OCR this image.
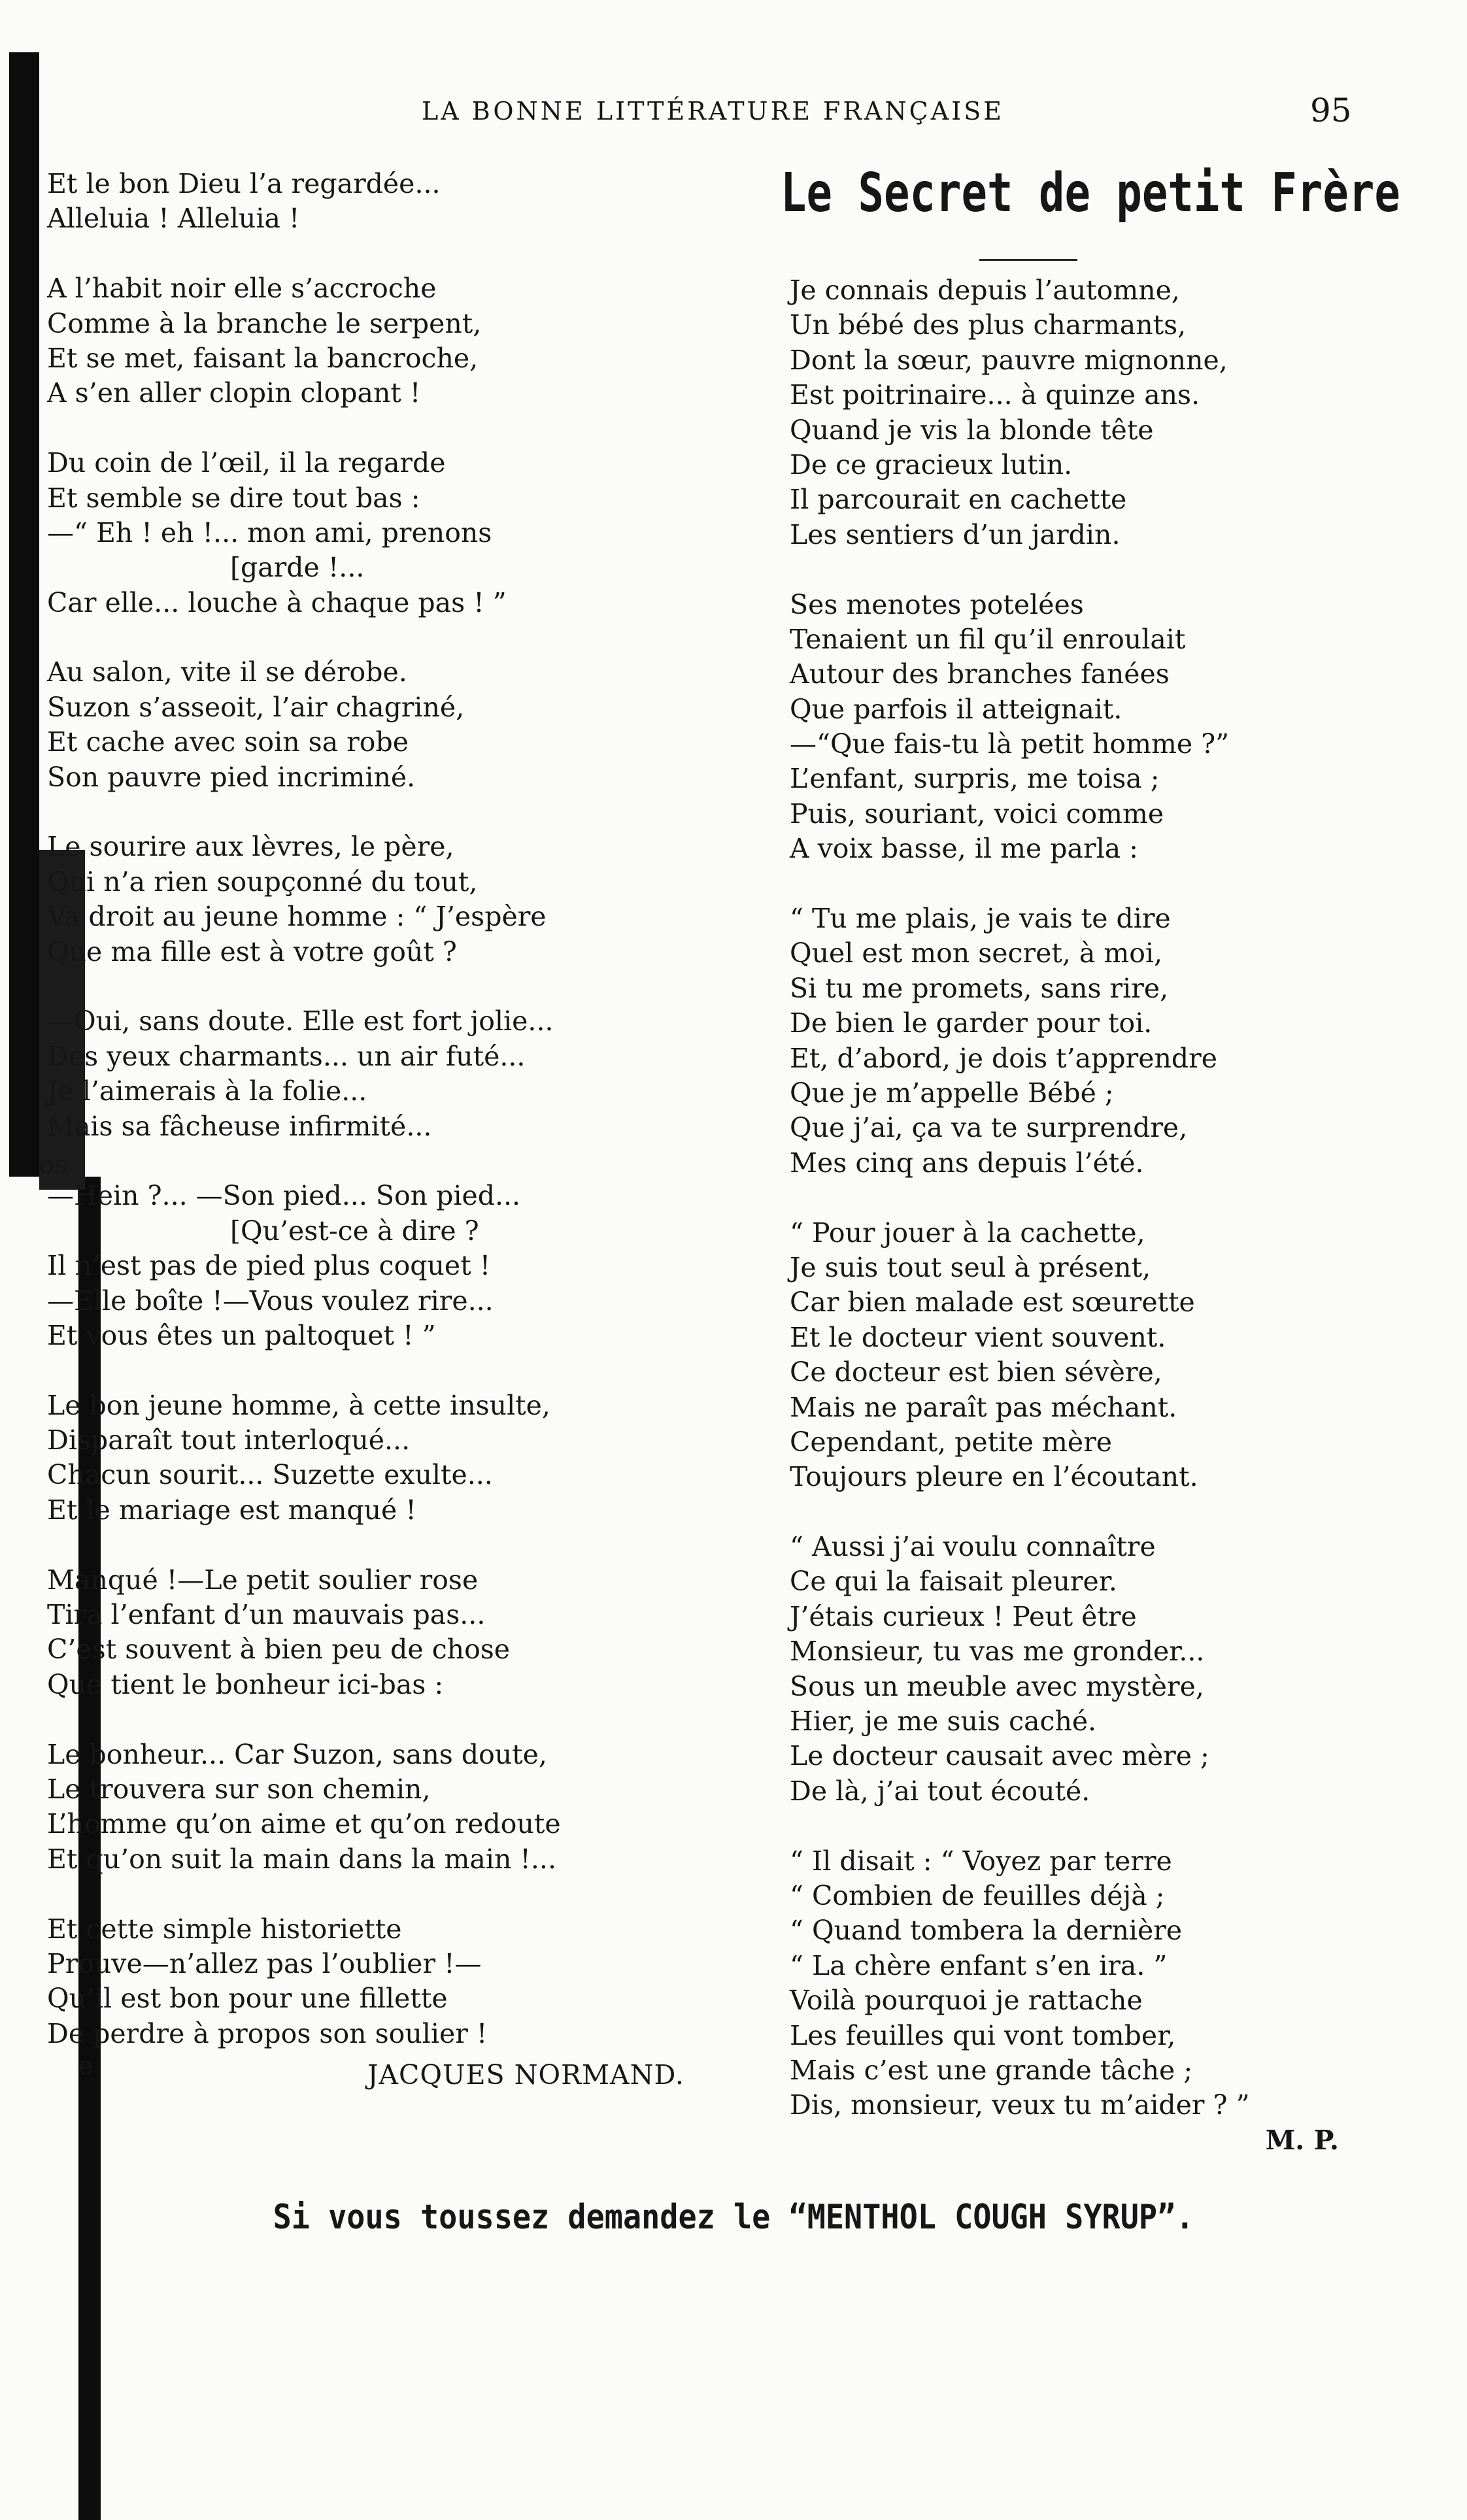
LA BONNE LITTÉRATURE FRANÇAISE	95
Et le bon Dieu l’a regardée...
Alleluia ! Alleluia !
A l’habit noir elle s’accroche
Comme à la branche le serpent,
Et se met, faisant la bancroche,
A s’en aller clopin clopant !
Du coin de l’œil, il la regarde
Et semble se dire tout bas :
—“ Eh ! eh !... mon ami, prenons
[garde !...
Car elle... louche à chaque pas ! ”
Au salon, vite il se dérobe.
Suzon s’asseoit, l’air chagriné,
Et cache avec soin sa robe
Son pauvre pied incriminé.
Le sourire aux lèvres, le père,
Qui n’a rien soupçonné du tout,
Va droit au jeune homme : “ J’espère
Que ma fille est à votre goût ?
—Oui, sans doute. Elle est fort jolie...
Des yeux charmants... un air futé...
Je l’aimerais à la folie...
Mais sa fâcheuse infirmité...
—Hein ?... —Son pied... Son pied...
[Qu’est-ce à dire ?
Il n’est pas de pied plus coquet !
—Elle boîte !—Vous voulez rire...
Et vous êtes un paltoquet ! ”
Le bon jeune homme, à cette insulte,
Disparaît tout interloqué...
Chacun sourit... Suzette exulte...
Et le mariage est manqué !
Manqué !—Le petit soulier rose
Tira l’enfant d’un mauvais pas...
C’est souvent à bien peu de chose
Que tient le bonheur ici-bas :
Le bonheur... Car Suzon, sans doute,
Le trouvera sur son chemin,
L’homme qu’on aime et qu’on redoute
Et qu’on suit la main dans la main !...
Et cette simple historiette
Prouve—n’allez pas l’oublier !—
Qu’il est bon pour une fillette
De perdre à propos son soulier !
JACQUES NORMAND.
Le Secret de petit Frère
Je connais depuis l’automne,
Un bébé des plus charmants,
Dont la sœur, pauvre mignonne,
Est poitrinaire... à quinze ans.
Quand je vis la blonde tête
De ce gracieux lutin.
Il parcourait en cachette
Les sentiers d’un jardin.
Ses menotes potelées
Tenaient un fil qu’il enroulait
Autour des branches fanées
Que parfois il atteignait.
—“Que fais-tu là petit homme ?”
L’enfant, surpris, me toisa ;
Puis, souriant, voici comme
A voix basse, il me parla :
“ Tu me plais, je vais te dire
Quel est mon secret, à moi,
Si tu me promets, sans rire,
De bien le garder pour toi.
Et, d’abord, je dois t’apprendre
Que je m’appelle Bébé ;
Que j’ai, ça va te surprendre,
Mes cinq ans depuis l’été.
“ Pour jouer à la cachette,
Je suis tout seul à présent,
Car bien malade est sœurette
Et le docteur vient souvent.
Ce docteur est bien sévère,
Mais ne paraît pas méchant.
Cependant, petite mère
Toujours pleure en l’écoutant.
“ Aussi j’ai voulu connaître
Ce qui la faisait pleurer.
J’étais curieux ! Peut être
Monsieur, tu vas me gronder...
Sous un meuble avec mystère,
Hier, je me suis caché.
Le docteur causait avec mère ;
De là, j’ai tout écouté.
“ Il disait : “ Voyez par terre
“ Combien de feuilles déjà ;
“ Quand tombera la dernière
“ La chère enfant s’en ira. ”
Voilà pourquoi je rattache
Les feuilles qui vont tomber,
Mais c’est une grande tâche ;
Dis, monsieur, veux tu m’aider ? ”
M. P.
Si vous toussez demandez le “MENTHOL COUGH SYRUP”.
os
e
